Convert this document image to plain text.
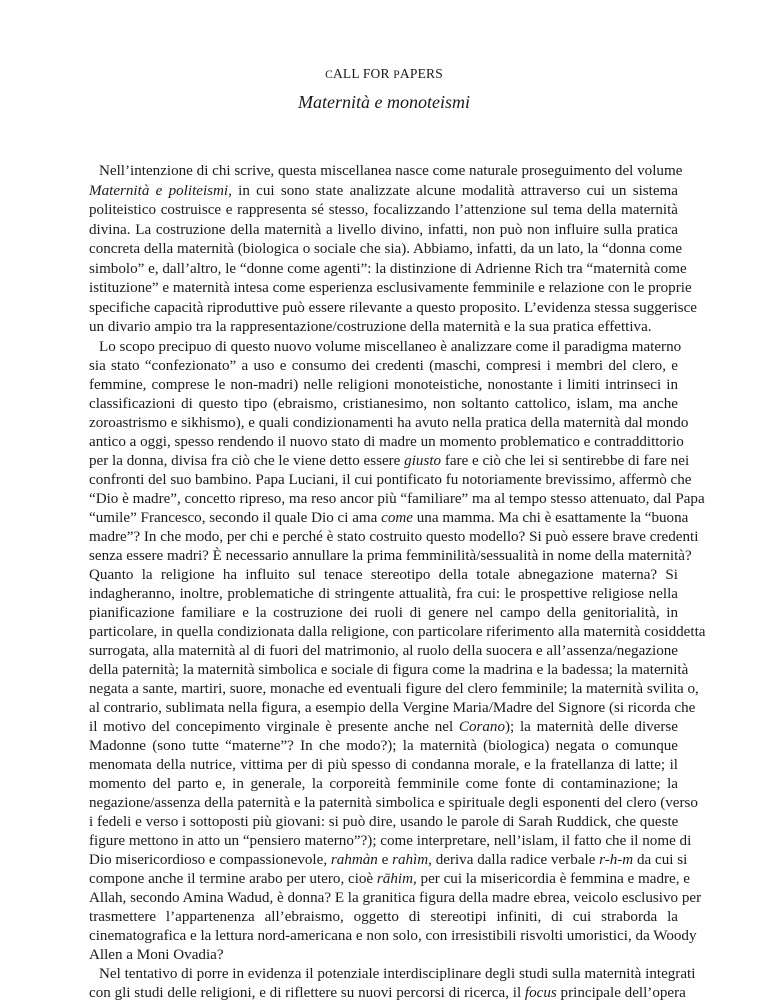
CALL FOR PAPERS
Maternità e monoteismi
Nell’intenzione di chi scrive, questa miscellanea nasce come naturale proseguimento del volume
Maternità e politeismi, in cui sono state analizzate alcune modalità attraverso cui un sistema
politeistico costruisce e rappresenta sé stesso, focalizzando l’attenzione sul tema della maternità
divina. La costruzione della maternità a livello divino, infatti, non può non influire sulla pratica
concreta della maternità (biologica o sociale che sia). Abbiamo, infatti, da un lato, la “donna come
simbolo” e, dall’altro, le “donne come agenti”: la distinzione di Adrienne Rich tra “maternità come
istituzione” e maternità intesa come esperienza esclusivamente femminile e relazione con le proprie
specifiche capacità riproduttive può essere rilevante a questo proposito. L’evidenza stessa suggerisce
un divario ampio tra la rappresentazione/costruzione della maternità e la sua pratica effettiva.
Lo scopo precipuo di questo nuovo volume miscellaneo è analizzare come il paradigma materno
sia stato “confezionato” a uso e consumo dei credenti (maschi, compresi i membri del clero, e
femmine, comprese le non-madri) nelle religioni monoteistiche, nonostante i limiti intrinseci in
classificazioni di questo tipo (ebraismo, cristianesimo, non soltanto cattolico, islam, ma anche
zoroastrismo e sikhismo), e quali condizionamenti ha avuto nella pratica della maternità dal mondo
antico a oggi, spesso rendendo il nuovo stato di madre un momento problematico e contraddittorio
per la donna, divisa fra ciò che le viene detto essere giusto fare e ciò che lei si sentirebbe di fare nei
confronti del suo bambino. Papa Luciani, il cui pontificato fu notoriamente brevissimo, affermò che
“Dio è madre”, concetto ripreso, ma reso ancor più “familiare” ma al tempo stesso attenuato, dal Papa
“umile” Francesco, secondo il quale Dio ci ama come una mamma. Ma chi è esattamente la “buona
madre”? In che modo, per chi e perché è stato costruito questo modello? Si può essere brave credenti
senza essere madri? È necessario annullare la prima femminilità/sessualità in nome della maternità?
Quanto la religione ha influito sul tenace stereotipo della totale abnegazione materna? Si
indagheranno, inoltre, problematiche di stringente attualità, fra cui: le prospettive religiose nella
pianificazione familiare e la costruzione dei ruoli di genere nel campo della genitorialità, in
particolare, in quella condizionata dalla religione, con particolare riferimento alla maternità cosiddetta
surrogata, alla maternità al di fuori del matrimonio, al ruolo della suocera e all’assenza/negazione
della paternità; la maternità simbolica e sociale di figura come la madrina e la badessa; la maternità
negata a sante, martiri, suore, monache ed eventuali figure del clero femminile; la maternità svilita o,
al contrario, sublimata nella figura, a esempio della Vergine Maria/Madre del Signore (si ricorda che
il motivo del concepimento virginale è presente anche nel Corano); la maternità delle diverse
Madonne (sono tutte “materne”? In che modo?); la maternità (biologica) negata o comunque
menomata della nutrice, vittima per di più spesso di condanna morale, e la fratellanza di latte; il
momento del parto e, in generale, la corporeità femminile come fonte di contaminazione; la
negazione/assenza della paternità e la paternità simbolica e spirituale degli esponenti del clero (verso
i fedeli e verso i sottoposti più giovani: si può dire, usando le parole di Sarah Ruddick, che queste
figure mettono in atto un “pensiero materno”?); come interpretare, nell’islam, il fatto che il nome di
Dio misericordioso e compassionevole, rahmàn e rahìm, deriva dalla radice verbale r-h-m da cui si
compone anche il termine arabo per utero, cioè rāhim, per cui la misericordia è femmina e madre, e
Allah, secondo Amina Wadud, è donna? E la granitica figura della madre ebrea, veicolo esclusivo per
trasmettere l’appartenenza all’ebraismo, oggetto di stereotipi infiniti, di cui straborda la
cinematografica e la lettura nord-americana e non solo, con irresistibili risvolti umoristici, da Woody
Allen a Moni Ovadia?
Nel tentativo di porre in evidenza il potenziale interdisciplinare degli studi sulla maternità integrati
con gli studi delle religioni, e di riflettere su nuovi percorsi di ricerca, il focus principale dell’opera
